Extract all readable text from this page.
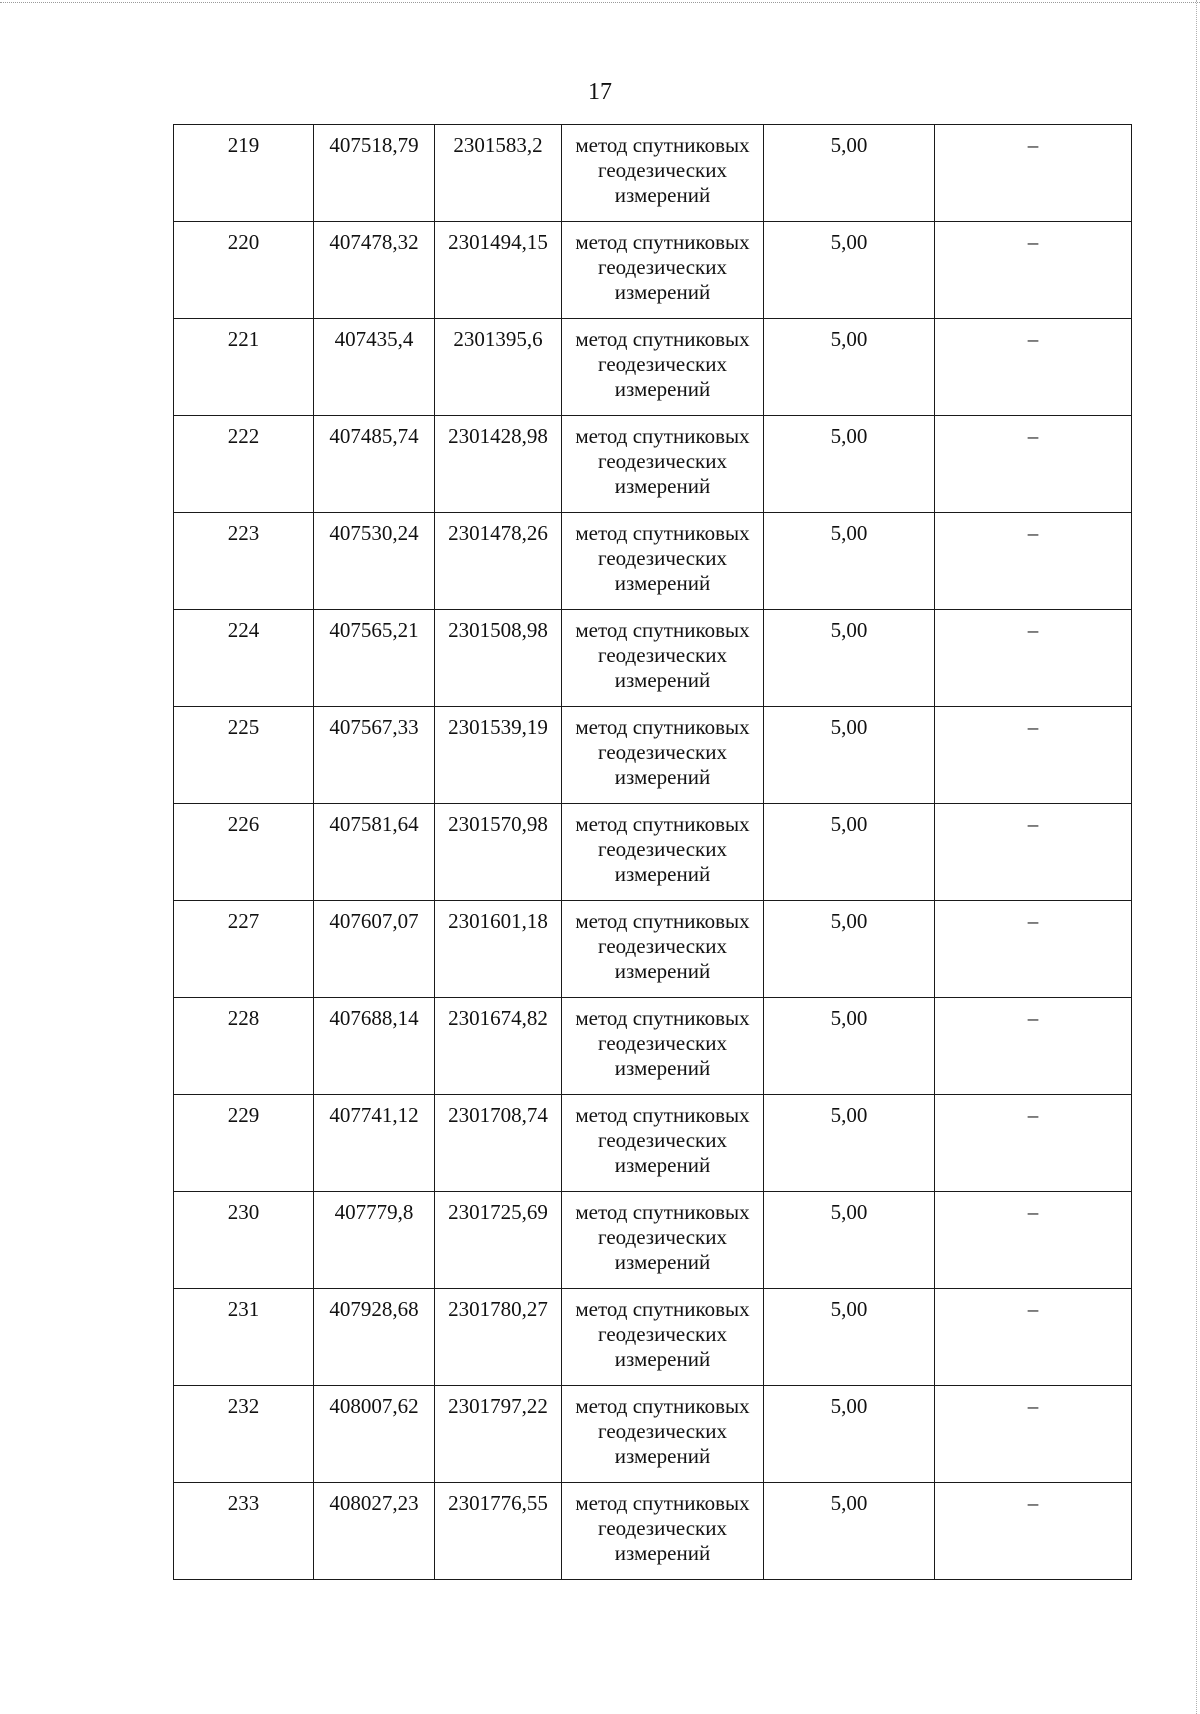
17
219	407518,79	2301583,2	метод спутниковых геодезических измерений	5,00	–
220	407478,32	2301494,15	метод спутниковых геодезических измерений	5,00	–
221	407435,4	2301395,6	метод спутниковых геодезических измерений	5,00	–
222	407485,74	2301428,98	метод спутниковых геодезических измерений	5,00	–
223	407530,24	2301478,26	метод спутниковых геодезических измерений	5,00	–
224	407565,21	2301508,98	метод спутниковых геодезических измерений	5,00	–
225	407567,33	2301539,19	метод спутниковых геодезических измерений	5,00	–
226	407581,64	2301570,98	метод спутниковых геодезических измерений	5,00	–
227	407607,07	2301601,18	метод спутниковых геодезических измерений	5,00	–
228	407688,14	2301674,82	метод спутниковых геодезических измерений	5,00	–
229	407741,12	2301708,74	метод спутниковых геодезических измерений	5,00	–
230	407779,8	2301725,69	метод спутниковых геодезических измерений	5,00	–
231	407928,68	2301780,27	метод спутниковых геодезических измерений	5,00	–
232	408007,62	2301797,22	метод спутниковых геодезических измерений	5,00	–
233	408027,23	2301776,55	метод спутниковых геодезических измерений	5,00	–
